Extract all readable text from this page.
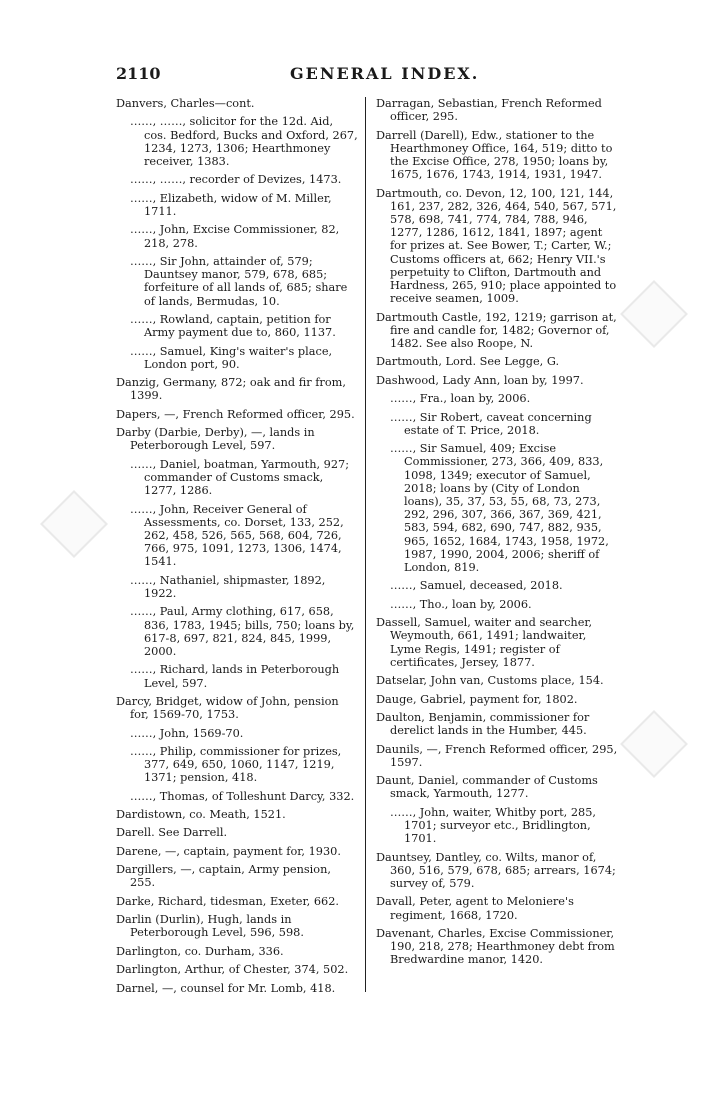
2110	GENERAL INDEX.
Danvers, Charles—cont.
……, ……, solicitor for the 12d. Aid, cos. Bedford, Bucks and Oxford, 267, 1234, 1273, 1306; Hearthmoney receiver, 1383.
……, ……, recorder of Devizes, 1473.
……, Elizabeth, widow of M. Miller, 1711.
……, John, Excise Commissioner, 82, 218, 278.
……, Sir John, attainder of, 579; Dauntsey manor, 579, 678, 685; forfeiture of all lands of, 685; share of lands, Bermudas, 10.
……, Rowland, captain, petition for Army payment due to, 860, 1137.
……, Samuel, King's waiter's place, London port, 90.
Danzig, Germany, 872; oak and fir from, 1399.
Dapers, —, French Reformed officer, 295.
Darby (Darbie, Derby), —, lands in Peterborough Level, 597.
……, Daniel, boatman, Yarmouth, 927; commander of Customs smack, 1277, 1286.
……, John, Receiver General of Assessments, co. Dorset, 133, 252, 262, 458, 526, 565, 568, 604, 726, 766, 975, 1091, 1273, 1306, 1474, 1541.
……, Nathaniel, shipmaster, 1892, 1922.
……, Paul, Army clothing, 617, 658, 836, 1783, 1945; bills, 750; loans by, 617-8, 697, 821, 824, 845, 1999, 2000.
……, Richard, lands in Peterborough Level, 597.
Darcy, Bridget, widow of John, pension for, 1569-70, 1753.
……, John, 1569-70.
……, Philip, commissioner for prizes, 377, 649, 650, 1060, 1147, 1219, 1371; pension, 418.
……, Thomas, of Tolleshunt Darcy, 332.
Dardistown, co. Meath, 1521.
Darell. See Darrell.
Darene, —, captain, payment for, 1930.
Dargillers, —, captain, Army pension, 255.
Darke, Richard, tidesman, Exeter, 662.
Darlin (Durlin), Hugh, lands in Peterborough Level, 596, 598.
Darlington, co. Durham, 336.
Darlington, Arthur, of Chester, 374, 502.
Darnel, —, counsel for Mr. Lomb, 418.
Darragan, Sebastian, French Reformed officer, 295.
Darrell (Darell), Edw., stationer to the Hearthmoney Office, 164, 519; ditto to the Excise Office, 278, 1950; loans by, 1675, 1676, 1743, 1914, 1931, 1947.
Dartmouth, co. Devon, 12, 100, 121, 144, 161, 237, 282, 326, 464, 540, 567, 571, 578, 698, 741, 774, 784, 788, 946, 1277, 1286, 1612, 1841, 1897; agent for prizes at. See Bower, T.; Carter, W.; Customs officers at, 662; Henry VII.'s perpetuity to Clifton, Dartmouth and Hardness, 265, 910; place appointed to receive seamen, 1009.
Dartmouth Castle, 192, 1219; garrison at, fire and candle for, 1482; Governor of, 1482. See also Roope, N.
Dartmouth, Lord. See Legge, G.
Dashwood, Lady Ann, loan by, 1997.
……, Fra., loan by, 2006.
……, Sir Robert, caveat concerning estate of T. Price, 2018.
……, Sir Samuel, 409; Excise Commissioner, 273, 366, 409, 833, 1098, 1349; executor of Samuel, 2018; loans by (City of London loans), 35, 37, 53, 55, 68, 73, 273, 292, 296, 307, 366, 367, 369, 421, 583, 594, 682, 690, 747, 882, 935, 965, 1652, 1684, 1743, 1958, 1972, 1987, 1990, 2004, 2006; sheriff of London, 819.
……, Samuel, deceased, 2018.
……, Tho., loan by, 2006.
Dassell, Samuel, waiter and searcher, Weymouth, 661, 1491; landwaiter, Lyme Regis, 1491; register of certificates, Jersey, 1877.
Datselar, John van, Customs place, 154.
Dauge, Gabriel, payment for, 1802.
Daulton, Benjamin, commissioner for derelict lands in the Humber, 445.
Daunils, —, French Reformed officer, 295, 1597.
Daunt, Daniel, commander of Customs smack, Yarmouth, 1277.
……, John, waiter, Whitby port, 285, 1701; surveyor etc., Bridlington, 1701.
Dauntsey, Dantley, co. Wilts, manor of, 360, 516, 579, 678, 685; arrears, 1674; survey of, 579.
Davall, Peter, agent to Meloniere's regiment, 1668, 1720.
Davenant, Charles, Excise Commissioner, 190, 218, 278; Hearthmoney debt from Bredwardine manor, 1420.
